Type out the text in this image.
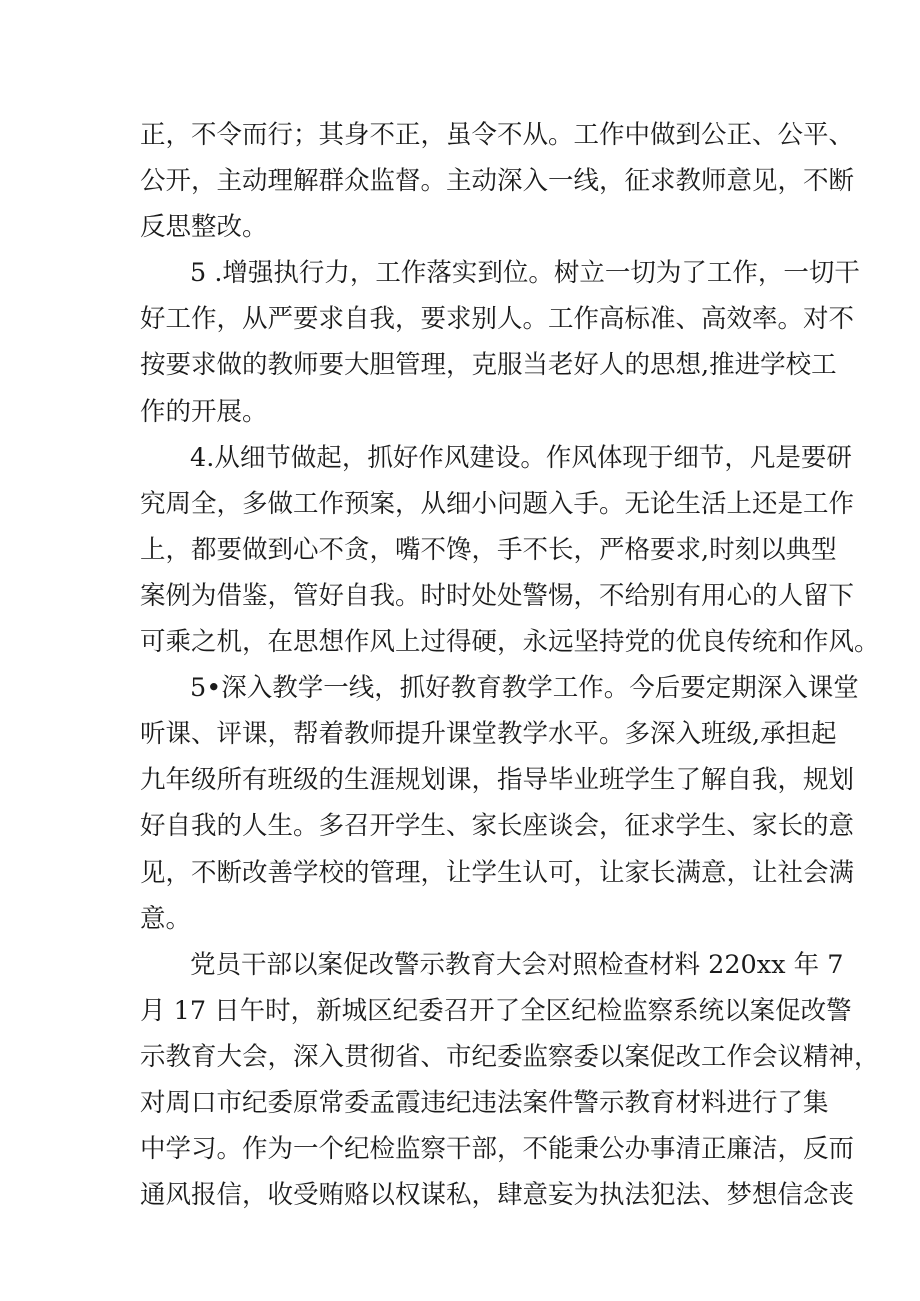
正，不令而行；其身不正，虽令不从。工作中做到公正、公平、
公开，主动理解群众监督。主动深入一线，征求教师意见，不断
反思整改。
5 .增强执行力，工作落实到位。树立一切为了工作，一切干
好工作，从严要求自我，要求别人。工作高标准、高效率。对不
按要求做的教师要大胆管理，克服当老好人的思想,推进学校工
作的开展。
4.从细节做起，抓好作风建设。作风体现于细节，凡是要研
究周全，多做工作预案，从细小问题入手。无论生活上还是工作
上，都要做到心不贪，嘴不馋，手不长，严格要求,时刻以典型
案例为借鉴，管好自我。时时处处警惕，不给别有用心的人留下
可乘之机，在思想作风上过得硬，永远坚持党的优良传统和作风。
5•深入教学一线，抓好教育教学工作。今后要定期深入课堂
听课、评课，帮着教师提升课堂教学水平。多深入班级,承担起
九年级所有班级的生涯规划课，指导毕业班学生了解自我，规划
好自我的人生。多召开学生、家长座谈会，征求学生、家长的意
见，不断改善学校的管理，让学生认可，让家长满意，让社会满
意。
党员干部以案促改警示教育大会对照检查材料 220xx 年 7
月 17 日午时，新城区纪委召开了全区纪检监察系统以案促改警
示教育大会，深入贯彻省、市纪委监察委以案促改工作会议精神，
对周口市纪委原常委孟霞违纪违法案件警示教育材料进行了集
中学习。作为一个纪检监察干部，不能秉公办事清正廉洁，反而
通风报信，收受贿赂以权谋私，肆意妄为执法犯法、梦想信念丧
